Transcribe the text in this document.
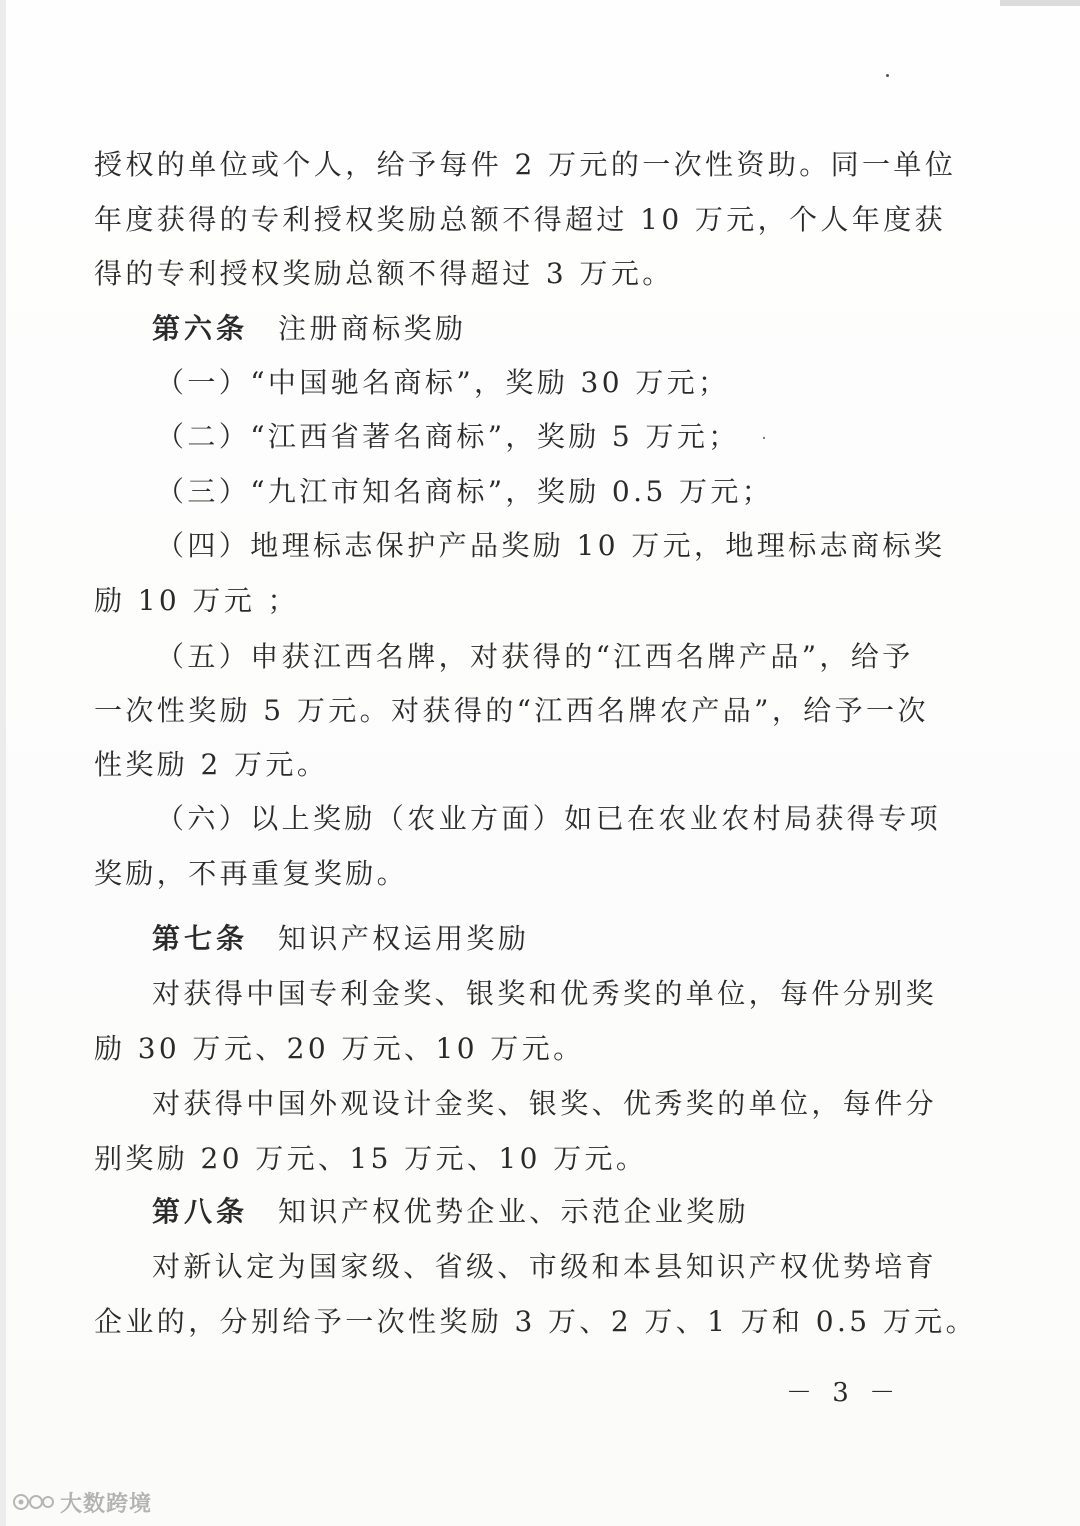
授权的单位或个人，给予每件 2 万元的一次性资助。同一单位
年度获得的专利授权奖励总额不得超过 10 万元，个人年度获
得的专利授权奖励总额不得超过 3 万元。
第六条 注册商标奖励
（一）“中国驰名商标”，奖励 30 万元；
（二）“江西省著名商标”，奖励 5 万元；
（三）“九江市知名商标”，奖励 0.5 万元；
（四）地理标志保护产品奖励 10 万元，地理标志商标奖
励 10 万元 ；
（五）申获江西名牌，对获得的“江西名牌产品”，给予
一次性奖励 5 万元。对获得的“江西名牌农产品”，给予一次
性奖励 2 万元。
（六）以上奖励（农业方面）如已在农业农村局获得专项
奖励，不再重复奖励。
第七条 知识产权运用奖励
对获得中国专利金奖、银奖和优秀奖的单位，每件分别奖
励 30 万元、20 万元、10 万元。
对获得中国外观设计金奖、银奖、优秀奖的单位，每件分
别奖励 20 万元、15 万元、10 万元。
第八条 知识产权优势企业、示范企业奖励
对新认定为国家级、省级、市级和本县知识产权优势培育
企业的，分别给予一次性奖励 3 万、2 万、1 万和 0.5 万元。
－ 3 －
大数跨境
